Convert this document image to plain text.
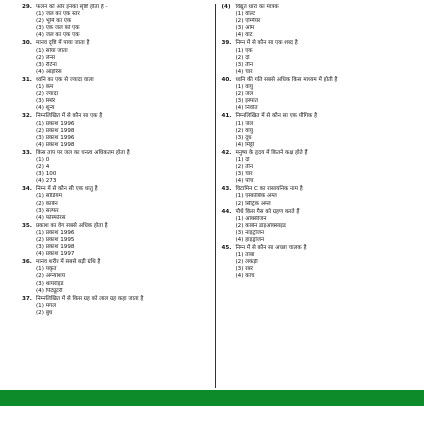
29. फलन को ओर इनका सृष्टि होता है -
(1) जल का एक स्तर
(2) भूमि का एक
(3) एक जल को एक
(4) जल का एक एक
30. मानव दृष्टि में पाया जाता है
(1) सोया जाता
(2) लेन्स
(3) रेटिना
(4) आइरिस
31. ध्वनि का एक से ज्यादा वाला
(1) कम
(2) ज्यादा
(3) स्थिर
(4) शून्य
32. निम्नलिखित में से कौन सा एक है
(1) प्रकाश 1996
(2) प्रकाश 1998
(3) प्रकाश 1996
(4) प्रकाश 1998
33. किस ताप पर जल का घनत्व अधिकतम होता है
(1) 0
(2) 4
(3) 100
(4) 273
34. निम्न में से कौन सी एक धातु है
(1) सोडियम
(2) कार्बन
(3) सल्फर
(4) फॉस्फोरस
35. प्रकाश का वेग सबसे अधिक होता है
(1) प्रकाश 1996
(2) प्रकाश 1995
(3) प्रकाश 1998
(4) प्रकाश 1997
36. मानव शरीर में सबसे बड़ी ग्रंथि है
(1) यकृत
(2) अग्न्याशय
(3) थायरॉइड
(4) पिट्यूटरी
37. निम्नलिखित में से किस ग्रह को लाल ग्रह कहा जाता है
(1) मंगल
(2) बुध
(4) विद्युत धारा का मात्रक
(1) वोल्ट
(2) एम्पियर
(3) ओम
(4) वाट
39. निम्न में से कौन सा एक शब्द है
(1) एक
(2) दो
(3) तीन
(4) चार
40. ध्वनि की गति सबसे अधिक किस माध्यम में होती है
(1) वायु
(2) जल
(3) इस्पात
(4) निर्वात
41. निम्नलिखित में से कौन सा एक यौगिक है
(1) जल
(2) वायु
(3) दूध
(4) मिट्टी
42. मनुष्य के हृदय में कितने कक्ष होते हैं
(1) दो
(2) तीन
(3) चार
(4) पाँच
43. विटामिन C का रासायनिक नाम है
(1) एस्कॉर्बिक अम्ल
(2) सिट्रिक अम्ल
44. पौधे किस गैस को ग्रहण करते हैं
(1) ऑक्सीजन
(2) कार्बन डाइऑक्साइड
(3) नाइट्रोजन
(4) हाइड्रोजन
45. निम्न में से कौन सा अच्छा चालक है
(1) तांबा
(2) लकड़ी
(3) रबर
(4) कांच
